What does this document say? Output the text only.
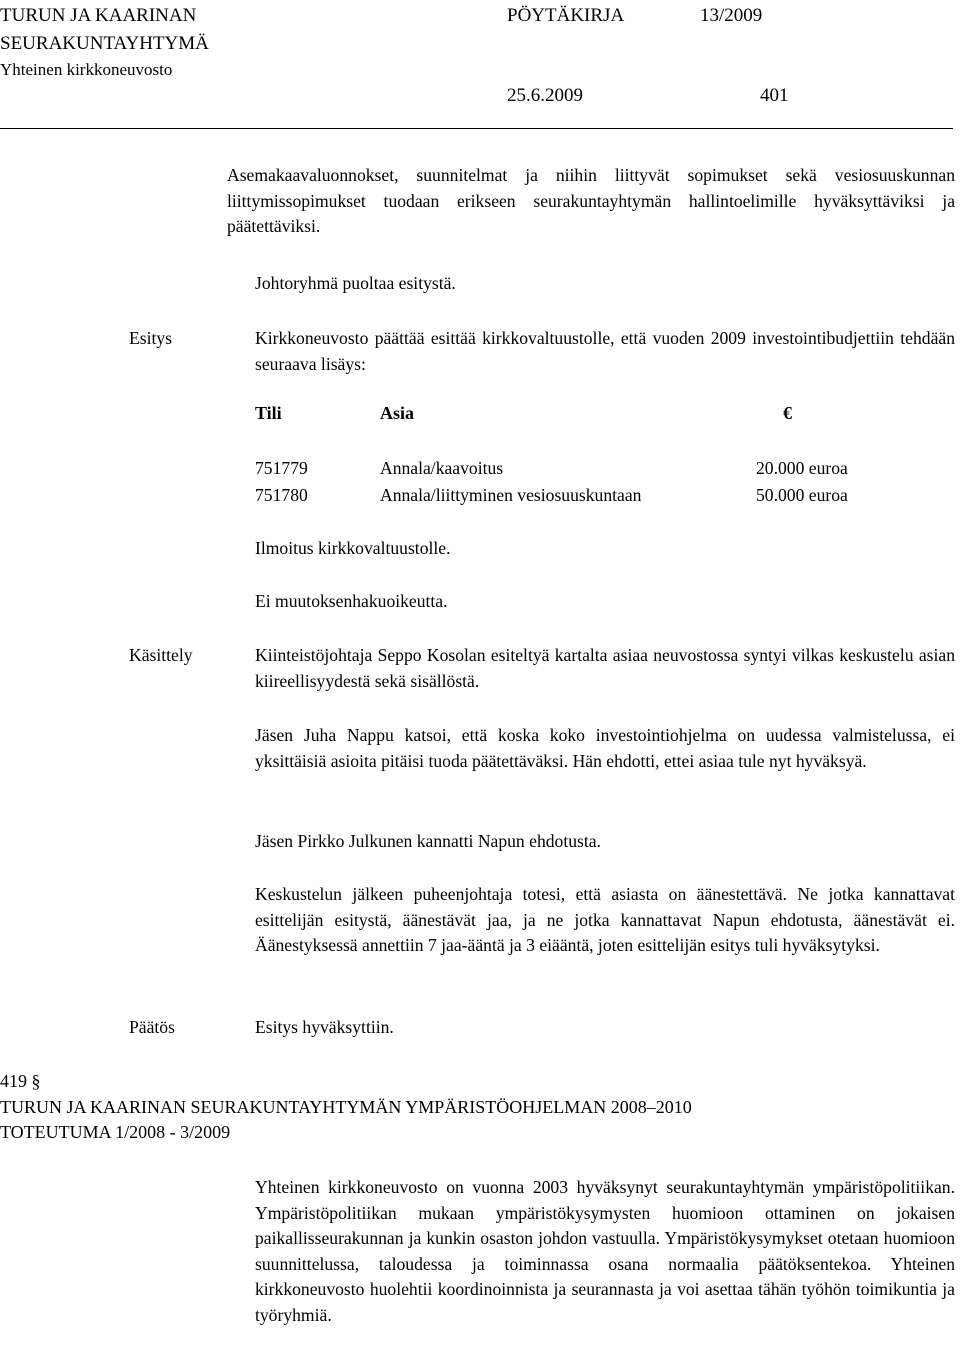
TURUN JA KAARINAN
SEURAKUNTAYHTYMÄ
Yhteinen kirkkoneuvosto
PÖYTÄKIRJA	13/2009
25.6.2009	401
Asemakaavaluonnokset, suunnitelmat ja niihin liittyvät sopimukset sekä vesiosuuskunnan liittymissopimukset tuodaan erikseen seurakuntayhtymän hallintoelimille hyväksyttäviksi ja päätettäviksi.
Johtoryhmä puoltaa esitystä.
Esitys	Kirkkoneuvosto päättää esittää kirkkovaltuustolle, että vuoden 2009 investointibudjettiin tehdään seuraava lisäys:
Tili	Asia	€
751779	Annala/kaavoitus	20.000 euroa
751780	Annala/liittyminen vesiosuuskuntaan	50.000 euroa
Ilmoitus kirkkovaltuustolle.
Ei muutoksenhakuoikeutta.
Käsittely	Kiinteistöjohtaja Seppo Kosolan esiteltyä kartalta asiaa neuvostossa syntyi vilkas keskustelu asian kiireellisyydestä sekä sisällöstä.
Jäsen Juha Nappu katsoi, että koska koko investointiohjelma on uudessa valmistelussa, ei yksittäisiä asioita pitäisi tuoda päätettäväksi. Hän ehdotti, ettei asiaa tule nyt hyväksyä.
Jäsen Pirkko Julkunen kannatti Napun ehdotusta.
Keskustelun jälkeen puheenjohtaja totesi, että asiasta on äänestettävä. Ne jotka kannattavat esittelijän esitystä, äänestävät jaa, ja ne jotka kannattavat Napun ehdotusta, äänestävät ei. Äänestyksessä annettiin 7 jaa-ääntä ja 3 eiääntä, joten esittelijän esitys tuli hyväksytyksi.
Päätös	Esitys hyväksyttiin.
419 §
TURUN JA KAARINAN SEURAKUNTAYHTYMÄN YMPÄRISTÖOHJELMAN 2008–2010
TOTEUTUMA 1/2008 - 3/2009
Yhteinen kirkkoneuvosto on vuonna 2003 hyväksynyt seurakuntayhtymän ympäristöpolitiikan. Ympäristöpolitiikan mukaan ympäristökysymysten huomioon ottaminen on jokaisen paikallisseurakunnan ja kunkin osaston johdon vastuulla. Ympäristökysymykset otetaan huomioon suunnittelussa, taloudessa ja toiminnassa osana normaalia päätöksentekoa. Yhteinen kirkkoneuvosto huolehtii koordinoinnista ja seurannasta ja voi asettaa tähän työhön toimikuntia ja työryhmiä.
